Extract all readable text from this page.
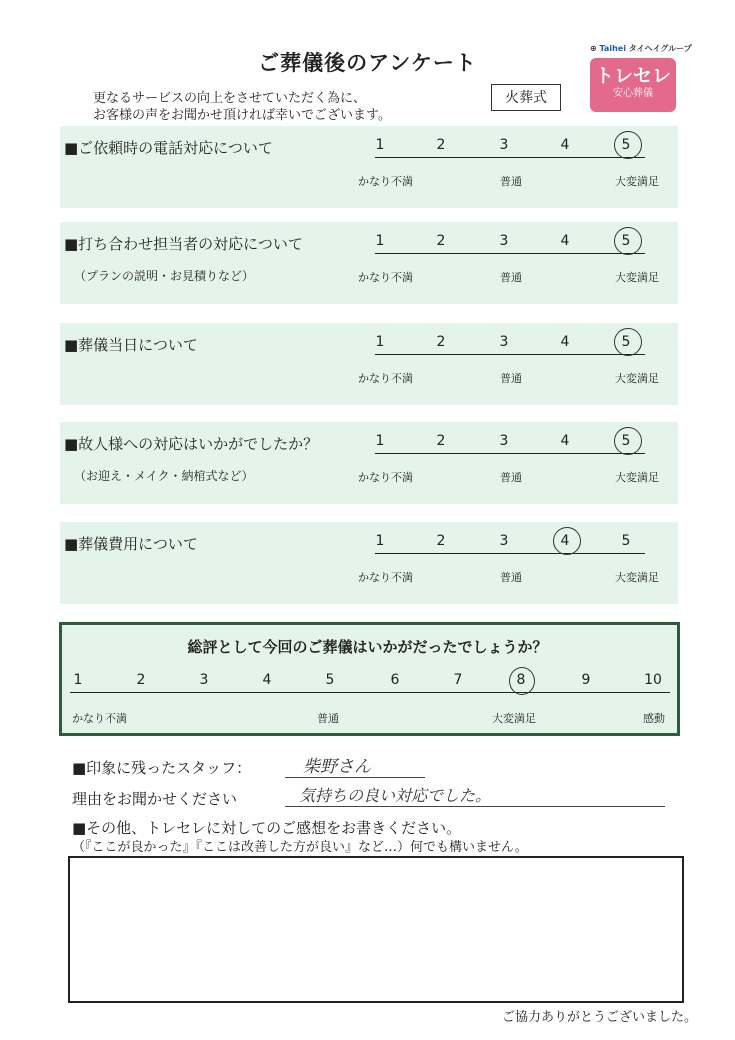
ご葬儀後のアンケート
更なるサービスの向上をさせていただく為に、
お客様の声をお聞かせ頂ければ幸いでございます。
火葬式
⊕ Taihei タイヘイグループ
トレセレ
安心葬儀
■ご依頼時の電話対応について	1	2	3	4	5
かなり不満	普通	大変満足
■打ち合わせ担当者の対応について
（プランの説明・お見積りなど）
1	2	3	4	5
かなり不満	普通	大変満足
■葬儀当日について	1	2	3	4	5
かなり不満	普通	大変満足
■故人様への対応はいかがでしたか？
（お迎え・メイク・納棺式など）
1	2	3	4	5
かなり不満	普通	大変満足
■葬儀費用について	1	2	3	4	5
かなり不満	普通	大変満足
総評として今回のご葬儀はいかがだったでしょうか？
1	2	3	4	5	6	7	8	9	10
かなり不満	普通	大変満足	感動
■印象に残ったスタッフ：	柴野さん
理由をお聞かせください	気持ちの良い対応でした。
■その他、トレセレに対してのご感想をお書きください。
（『ここが良かった』『ここは改善した方が良い』など…）何でも構いません。
ご協力ありがとうございました。
